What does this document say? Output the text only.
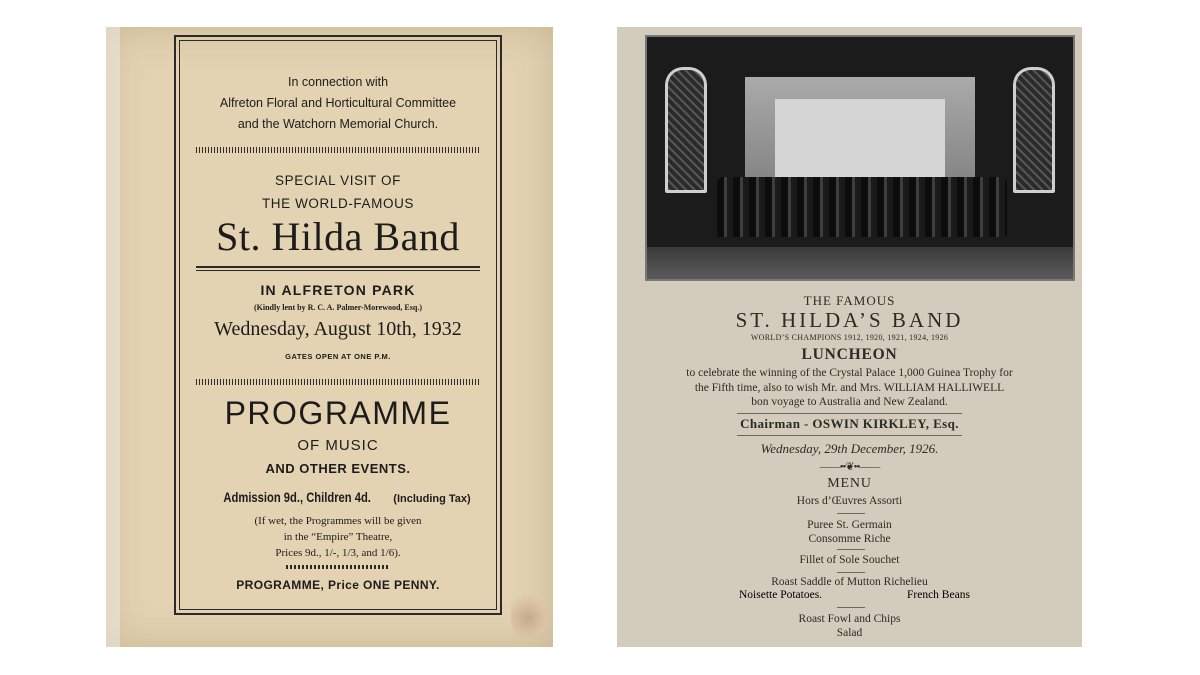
In connection with
Alfreton Floral and Horticultural Committee
and the Watchorn Memorial Church.
SPECIAL VISIT OF
THE WORLD-FAMOUS
St. Hilda Band
IN ALFRETON PARK
(Kindly lent by R. C. A. Palmer-Morewood, Esq.)
Wednesday, August 10th, 1932
GATES OPEN AT ONE P.M.
PROGRAMME
OF MUSIC
AND OTHER EVENTS.
Admission 9d., Children 4d. (Including Tax)
(If wet, the Programmes will be given
in the “Empire” Theatre,
Prices 9d., 1/-, 1/3, and 1/6).
PROGRAMME, Price ONE PENNY.
THE FAMOUS
ST. HILDA’S BAND
WORLD’S CHAMPIONS 1912, 1920, 1921, 1924, 1926
LUNCHEON
to celebrate the winning of the Crystal Palace 1,000 Guinea Trophy for
the Fifth time, also to wish Mr. and Mrs. WILLIAM HALLIWELL
bon voyage to Australia and New Zealand.
Chairman - OSWIN KIRKLEY, Esq.
Wednesday, 29th December, 1926.
——••❦••——
MENU
Hors d’Œuvres Assorti
Puree St. Germain
Consomme Riche
Fillet of Sole Souchet
Roast Saddle of Mutton Richelieu
Noisette Potatoes.	French Beans
Roast Fowl and Chips
Salad
